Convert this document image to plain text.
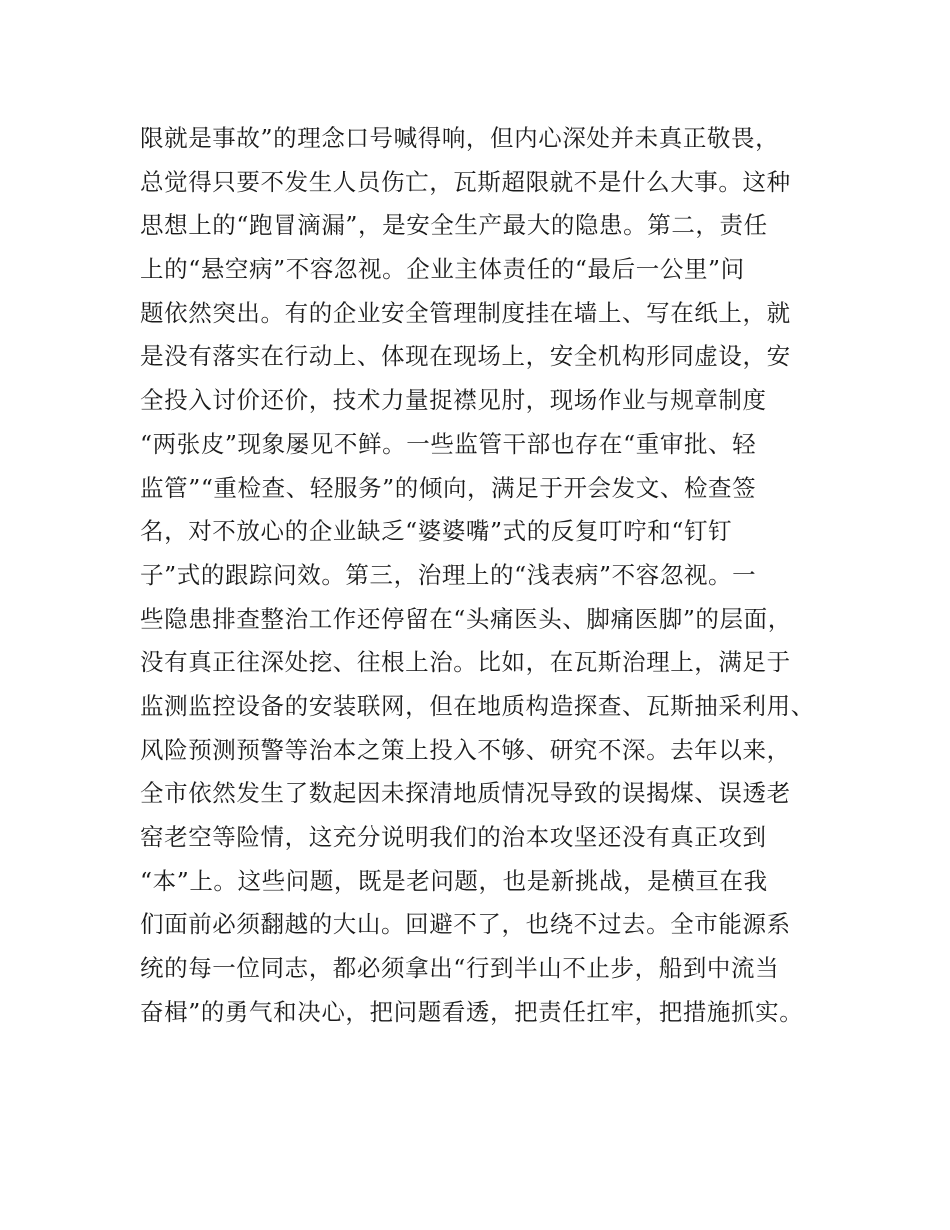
限就是事故”的理念口号喊得响，但内心深处并未真正敬畏，
总觉得只要不发生人员伤亡，瓦斯超限就不是什么大事。这种
思想上的“跑冒滴漏”，是安全生产最大的隐患。第二，责任
上的“悬空病”不容忽视。企业主体责任的“最后一公里”问
题依然突出。有的企业安全管理制度挂在墙上、写在纸上，就
是没有落实在行动上、体现在现场上，安全机构形同虚设，安
全投入讨价还价，技术力量捉襟见肘，现场作业与规章制度
“两张皮”现象屡见不鲜。一些监管干部也存在“重审批、轻
监管”“重检查、轻服务”的倾向，满足于开会发文、检查签
名，对不放心的企业缺乏“婆婆嘴”式的反复叮咛和“钉钉
子”式的跟踪问效。第三，治理上的“浅表病”不容忽视。一
些隐患排查整治工作还停留在“头痛医头、脚痛医脚”的层面，
没有真正往深处挖、往根上治。比如，在瓦斯治理上，满足于
监测监控设备的安装联网，但在地质构造探查、瓦斯抽采利用、
风险预测预警等治本之策上投入不够、研究不深。去年以来，
全市依然发生了数起因未探清地质情况导致的误揭煤、误透老
窑老空等险情，这充分说明我们的治本攻坚还没有真正攻到
“本”上。这些问题，既是老问题，也是新挑战，是横亘在我
们面前必须翻越的大山。回避不了，也绕不过去。全市能源系
统的每一位同志，都必须拿出“行到半山不止步，船到中流当
奋楫”的勇气和决心，把问题看透，把责任扛牢，把措施抓实。
